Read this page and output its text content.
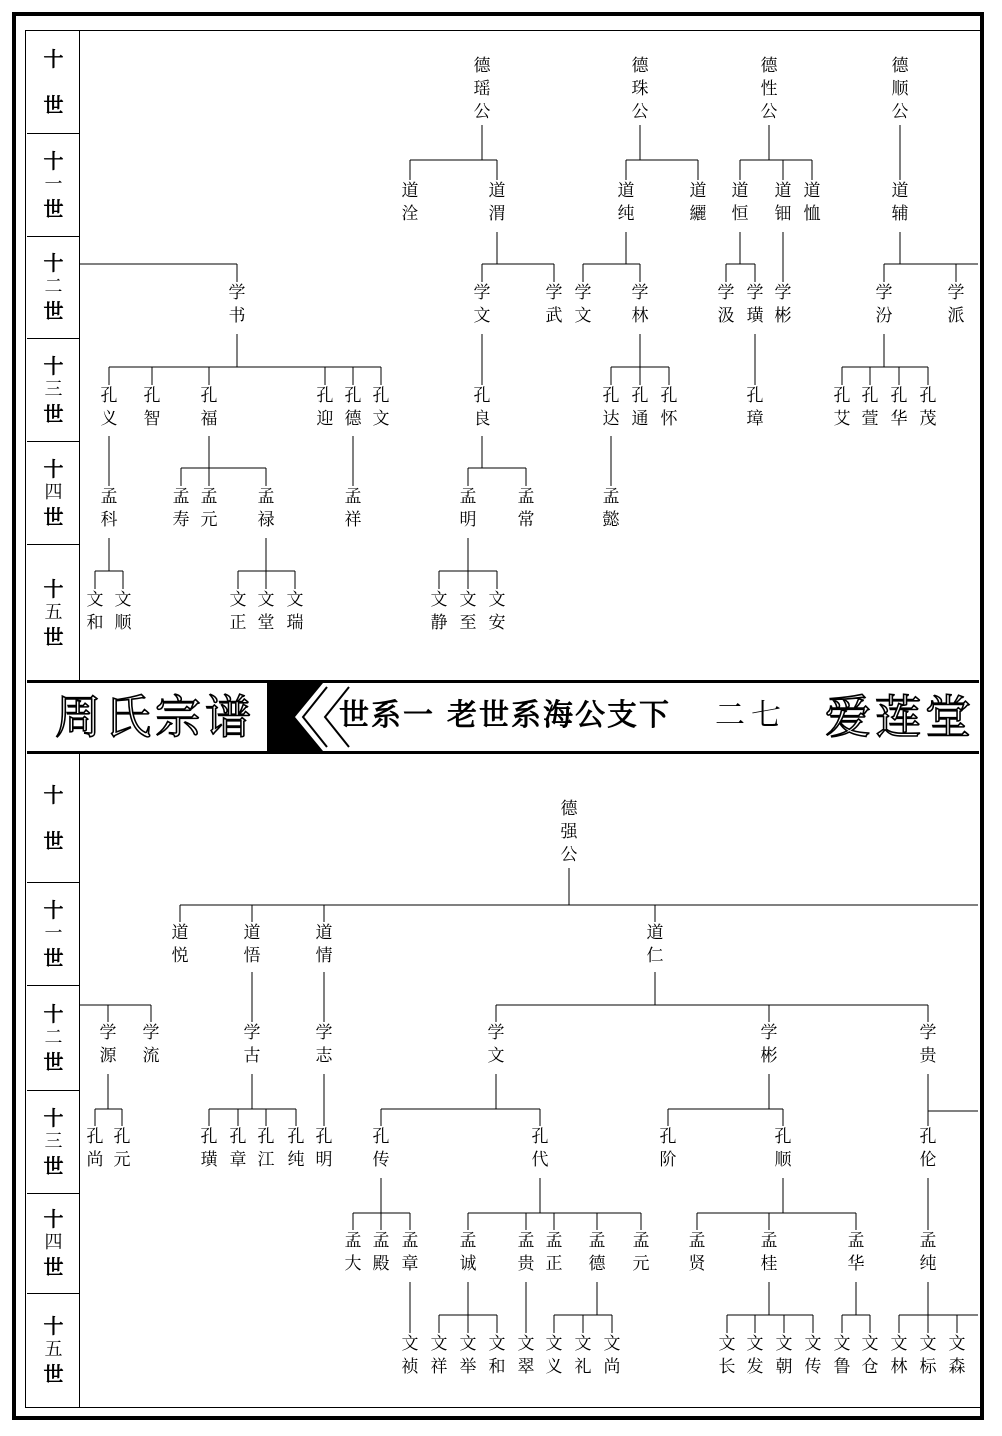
十
世
十
一
世
十
二
世
十
三
世
十
四
世
十
五
世
十
世
十
一
世
十
二
世
十
三
世
十
四
世
十
五
世
德
瑶
公
德
珠
公
德
性
公
德
顺
公
道
洤
道
渭
道
纯
道
纚
道
恒
道
钿
道
恤
道
辅
学
书
学
文
学
武
学
文
学
林
学
汲
学
璜
学
彬
学
汾
学
派
孔
义
孔
智
孔
福
孔
迎
孔
德
孔
文
孔
良
孔
达
孔
通
孔
怀
孔
璋
孔
艾
孔
萱
孔
华
孔
茂
孟
科
孟
寿
孟
元
孟
禄
孟
祥
孟
明
孟
常
孟
懿
文
和
文
顺
文
正
文
堂
文
瑞
文
静
文
至
文
安
德
强
公
道
悦
道
悟
道
情
道
仁
学
源
学
流
学
古
学
志
学
文
学
彬
学
贵
孔
尚
孔
元
孔
璜
孔
章
孔
江
孔
纯
孔
明
孔
传
孔
代
孔
阶
孔
顺
孔
伦
孟
大
孟
殿
孟
章
孟
诚
孟
贵
孟
正
孟
德
孟
元
孟
贤
孟
桂
孟
华
孟
纯
文
祯
文
祥
文
举
文
和
文
翠
文
义
文
礼
文
尚
文
长
文
发
文
朝
文
传
文
鲁
文
仓
文
林
文
标
文
森
周氏宗谱	世系一 老世系海公支下 二七 爱莲堂
